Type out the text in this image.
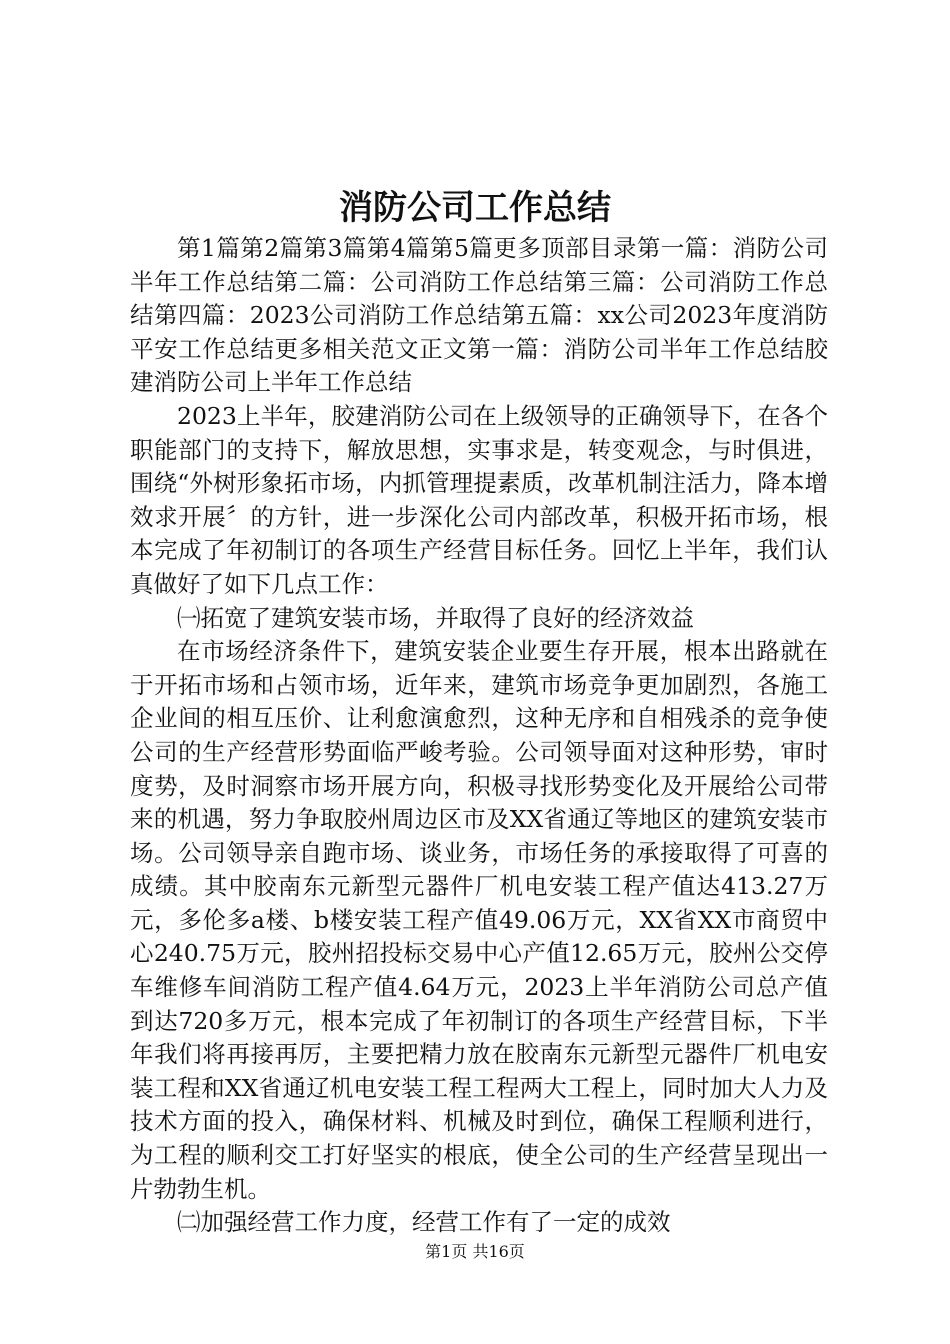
消防公司工作总结

第1篇第2篇第3篇第4篇第5篇更多顶部目录第一篇：消防公司半年工作总结第二篇：公司消防工作总结第三篇：公司消防工作总结第四篇：2023公司消防工作总结第五篇：xx公司2023年度消防平安工作总结更多相关范文正文第一篇：消防公司半年工作总结胶建消防公司上半年工作总结

2023上半年，胶建消防公司在上级领导的正确领导下，在各个职能部门的支持下，解放思想，实事求是，转变观念，与时俱进，围绕“外树形象拓市场，内抓管理提素质，改革机制注活力，降本增效求开展〞的方针，进一步深化公司内部改革，积极开拓市场，根本完成了年初制订的各项生产经营目标任务。回忆上半年，我们认真做好了如下几点工作：

㈠拓宽了建筑安装市场，并取得了良好的经济效益

在市场经济条件下，建筑安装企业要生存开展，根本出路就在于开拓市场和占领市场，近年来，建筑市场竞争更加剧烈，各施工企业间的相互压价、让利愈演愈烈，这种无序和自相残杀的竞争使公司的生产经营形势面临严峻考验。公司领导面对这种形势，审时度势，及时洞察市场开展方向，积极寻找形势变化及开展给公司带来的机遇，努力争取胶州周边区市及XX省通辽等地区的建筑安装市场。公司领导亲自跑市场、谈业务，市场任务的承接取得了可喜的成绩。其中胶南东元新型元器件厂机电安装工程产值达413.27万元，多伦多a楼、b楼安装工程产值49.06万元，XX省XX市商贸中心240.75万元，胶州招投标交易中心产值12.65万元，胶州公交停车维修车间消防工程产值4.64万元，2023上半年消防公司总产值到达720多万元，根本完成了年初制订的各项生产经营目标，下半年我们将再接再厉，主要把精力放在胶南东元新型元器件厂机电安装工程和XX省通辽机电安装工程工程两大工程上，同时加大人力及技术方面的投入，确保材料、机械及时到位，确保工程顺利进行，为工程的顺利交工打好坚实的根底，使全公司的生产经营呈现出一片勃勃生机。

㈡加强经营工作力度，经营工作有了一定的成效

第1页 共16页
